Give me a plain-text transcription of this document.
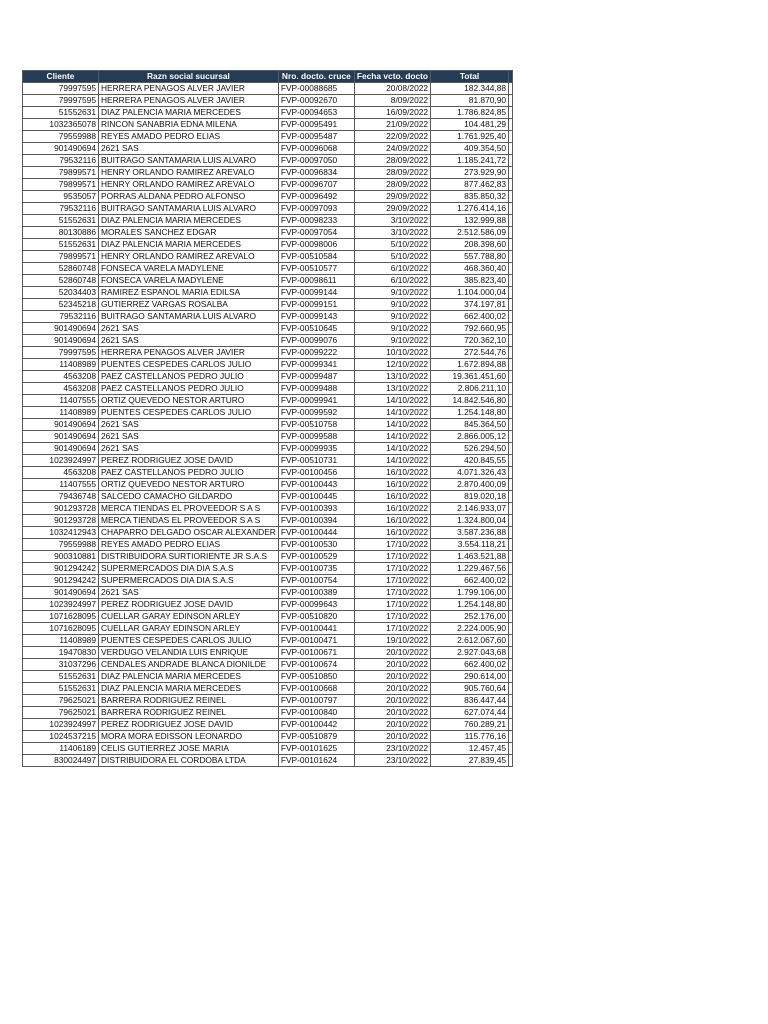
Cliente	Razn social sucursal	Nro. docto. cruce	Fecha vcto. docto	Total	
79997595	HERRERA PENAGOS ALVER JAVIER	FVP-00088685	20/08/2022	182.344,88	
79997595	HERRERA PENAGOS ALVER JAVIER	FVP-00092670	8/09/2022	81.870,90	
51552631	DIAZ PALENCIA MARIA MERCEDES	FVP-00094653	16/09/2022	1.786.824,85	
1032365078	RINCON SANABRIA EDNA MILENA	FVP-00095491	21/09/2022	104.481,29	
79559988	REYES AMADO PEDRO ELIAS	FVP-00095487	22/09/2022	1.761.925,40	
901490694	2621 SAS	FVP-00096068	24/09/2022	409.354,50	
79532116	BUITRAGO SANTAMARIA LUIS ALVARO	FVP-00097050	28/09/2022	1.185.241,72	
79899571	HENRY ORLANDO RAMIREZ AREVALO	FVP-00096834	28/09/2022	273.929,90	
79899571	HENRY ORLANDO RAMIREZ AREVALO	FVP-00096707	28/09/2022	877.462,83	
9535057	PORRAS ALDANA PEDRO ALFONSO	FVP-00096492	29/09/2022	835.850,32	
79532116	BUITRAGO SANTAMARIA LUIS ALVARO	FVP-00097093	29/09/2022	1.276.414,16	
51552631	DIAZ PALENCIA MARIA MERCEDES	FVP-00098233	3/10/2022	132.999,88	
80130886	MORALES SANCHEZ EDGAR	FVP-00097054	3/10/2022	2.512.586,09	
51552631	DIAZ PALENCIA MARIA MERCEDES	FVP-00098006	5/10/2022	208.398,60	
79899571	HENRY ORLANDO RAMIREZ AREVALO	FVP-00510584	5/10/2022	557.788,80	
52860748	FONSECA VARELA MADYLENE	FVP-00510577	6/10/2022	468.360,40	
52860748	FONSECA VARELA MADYLENE	FVP-00098611	6/10/2022	385.823,40	
52034403	RAMIREZ ESPANOL MARIA EDILSA	FVP-00099144	9/10/2022	1.104.000,04	
52345218	GUTIERREZ VARGAS ROSALBA	FVP-00099151	9/10/2022	374.197,81	
79532116	BUITRAGO SANTAMARIA LUIS ALVARO	FVP-00099143	9/10/2022	662.400,02	
901490694	2621 SAS	FVP-00510645	9/10/2022	792.660,95	
901490694	2621 SAS	FVP-00099076	9/10/2022	720.362,10	
79997595	HERRERA PENAGOS ALVER JAVIER	FVP-00099222	10/10/2022	272.544,76	
11408989	PUENTES CESPEDES CARLOS JULIO	FVP-00099341	12/10/2022	1.672.894,88	
4563208	PAEZ CASTELLANOS PEDRO JULIO	FVP-00099487	13/10/2022	19.361.451,60	
4563208	PAEZ CASTELLANOS PEDRO JULIO	FVP-00099488	13/10/2022	2.806.211,10	
11407555	ORTIZ QUEVEDO NESTOR ARTURO	FVP-00099941	14/10/2022	14.842.546,80	
11408989	PUENTES CESPEDES CARLOS JULIO	FVP-00099592	14/10/2022	1.254.148,80	
901490694	2621 SAS	FVP-00510758	14/10/2022	845.364,50	
901490694	2621 SAS	FVP-00099588	14/10/2022	2.866.005,12	
901490694	2621 SAS	FVP-00099935	14/10/2022	526.294,50	
1023924997	PEREZ RODRIGUEZ JOSE DAVID	FVP-00510731	14/10/2022	420.845,55	
4563208	PAEZ CASTELLANOS PEDRO JULIO	FVP-00100456	16/10/2022	4.071.326,43	
11407555	ORTIZ QUEVEDO NESTOR ARTURO	FVP-00100443	16/10/2022	2.870.400,09	
79436748	SALCEDO CAMACHO GILDARDO	FVP-00100445	16/10/2022	819.020,18	
901293728	MERCA TIENDAS EL PROVEEDOR S A S	FVP-00100393	16/10/2022	2.146.933,07	
901293728	MERCA TIENDAS EL PROVEEDOR S A S	FVP-00100394	16/10/2022	1.324.800,04	
1032412943	CHAPARRO DELGADO OSCAR ALEXANDER	FVP-00100444	16/10/2022	3.587.236,88	
79559988	REYES AMADO PEDRO ELIAS	FVP-00100530	17/10/2022	3.554.118,21	
900310881	DISTRIBUIDORA SURTIORIENTE JR S.A.S	FVP-00100529	17/10/2022	1.463.521,88	
901294242	SUPERMERCADOS DIA DIA S.A.S	FVP-00100735	17/10/2022	1.229.467,56	
901294242	SUPERMERCADOS DIA DIA S.A.S	FVP-00100754	17/10/2022	662.400,02	
901490694	2621 SAS	FVP-00100389	17/10/2022	1.799.106,00	
1023924997	PEREZ RODRIGUEZ JOSE DAVID	FVP-00099643	17/10/2022	1.254.148,80	
1071628095	CUELLAR GARAY EDINSON ARLEY	FVP-00510820	17/10/2022	252.176,00	
1071628095	CUELLAR GARAY EDINSON ARLEY	FVP-00100441	17/10/2022	2.224.005,90	
11408989	PUENTES CESPEDES CARLOS JULIO	FVP-00100471	19/10/2022	2.612.067,60	
19470830	VERDUGO VELANDIA LUIS ENRIQUE	FVP-00100671	20/10/2022	2.927.043,68	
31037296	CENDALES ANDRADE BLANCA DIONILDE	FVP-00100674	20/10/2022	662.400,02	
51552631	DIAZ PALENCIA MARIA MERCEDES	FVP-00510850	20/10/2022	290.614,00	
51552631	DIAZ PALENCIA MARIA MERCEDES	FVP-00100668	20/10/2022	905.760,64	
79625021	BARRERA RODRIGUEZ REINEL	FVP-00100797	20/10/2022	836.447,44	
79625021	BARRERA RODRIGUEZ REINEL	FVP-00100840	20/10/2022	627.074,44	
1023924997	PEREZ RODRIGUEZ JOSE DAVID	FVP-00100442	20/10/2022	760.289,21	
1024537215	MORA MORA EDISSON LEONARDO	FVP-00510879	20/10/2022	115.776,16	
11406189	CELIS GUTIERREZ JOSE MARIA	FVP-00101625	23/10/2022	12.457,45	
830024497	DISTRIBUIDORA EL CORDOBA LTDA	FVP-00101624	23/10/2022	27.839,45	
